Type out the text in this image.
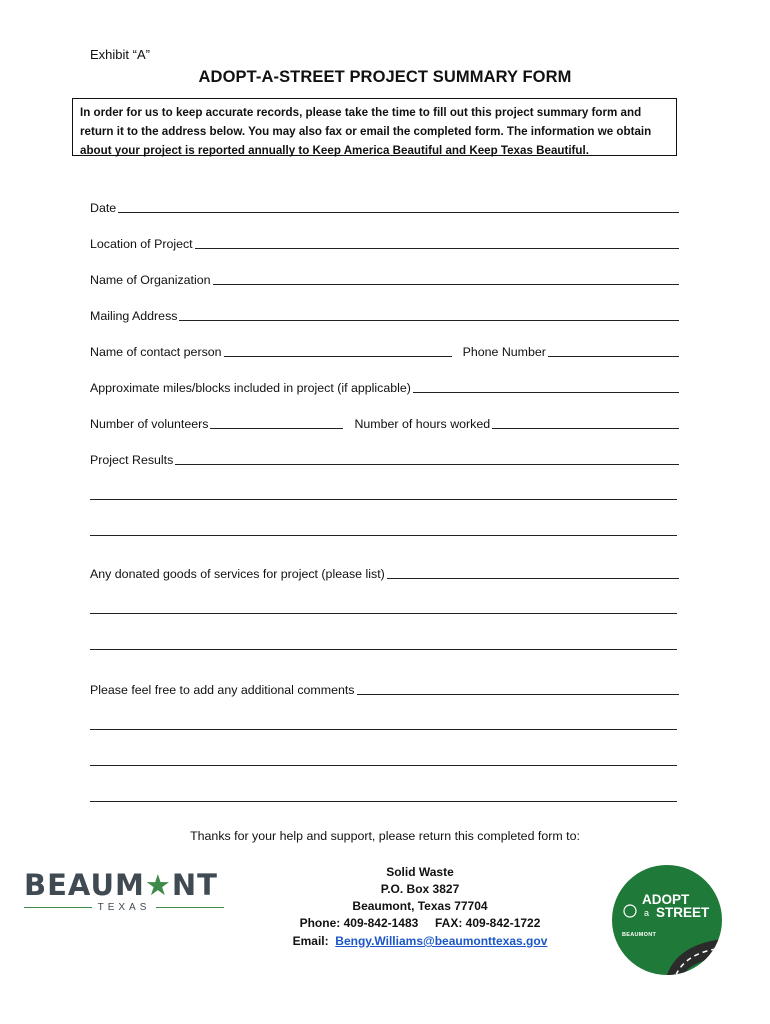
Exhibit “A”
ADOPT-A-STREET PROJECT SUMMARY FORM
In order for us to keep accurate records, please take the time to fill out this project summary form and return it to the address below. You may also fax or email the completed form. The information we obtain about your project is reported annually to Keep America Beautiful and Keep Texas Beautiful.
Date
Location of Project
Name of Organization
Mailing Address
Name of contact person	Phone Number
Approximate miles/blocks included in project (if applicable)
Number of volunteers	Number of hours worked
Project Results
Any donated goods of services for project (please list)
Please feel free to add any additional comments
Thanks for your help and support, please return this completed form to:
Solid Waste
P.O. Box 3827
Beaumont, Texas 77704
Phone: 409-842-1483 FAX: 409-842-1722
Email: Bengy.Williams@beaumonttexas.gov
BEAUM★NT
TEXAS
ADOPT
a STREET
BEAUMONT
